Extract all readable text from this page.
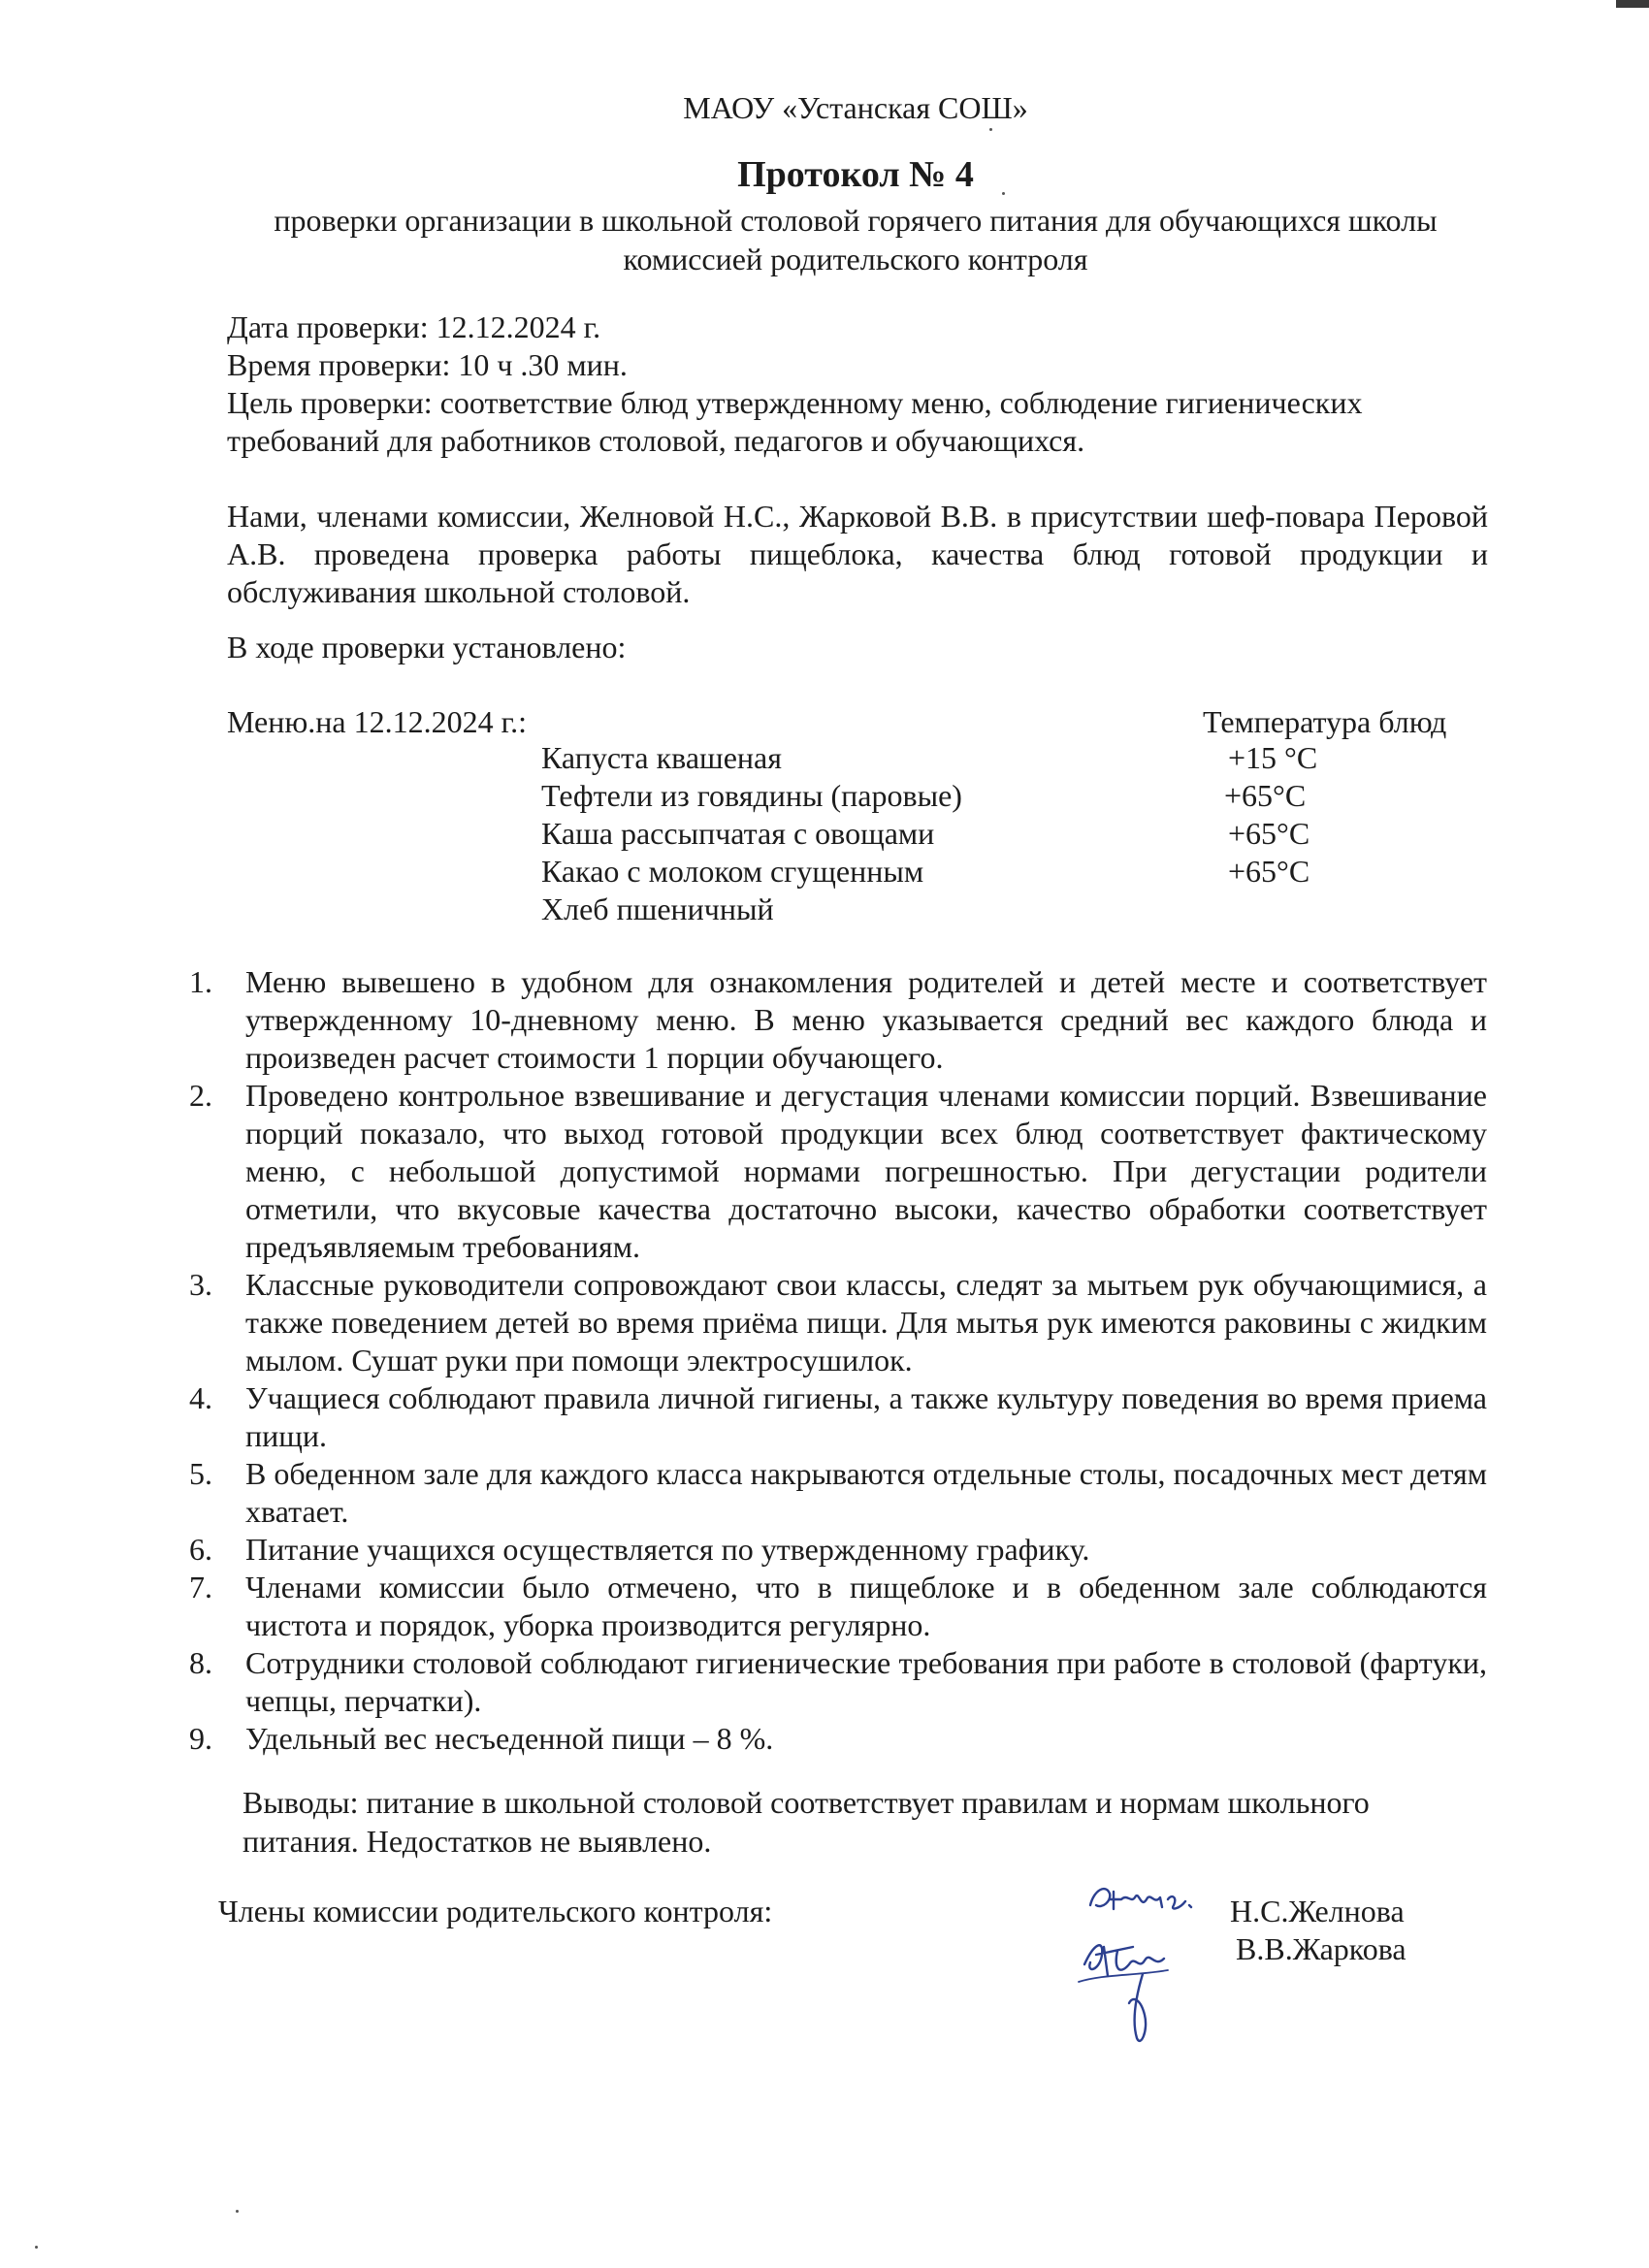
МАОУ «Устанская СОШ»
Протокол № 4
проверки организации в школьной столовой горячего питания для обучающихся школы
комиссией родительского контроля
Дата проверки: 12.12.2024 г.
Время проверки: 10 ч .30 мин.
Цель проверки: соответствие блюд утвержденному меню, соблюдение гигиенических
требований для работников столовой, педагогов и обучающихся.
Нами, членами комиссии, Желновой Н.С., Жарковой В.В. в присутствии шеф-повара Перовой А.В. проведена проверка работы пищеблока, качества блюд готовой продукции и обслуживания школьной столовой.
В ходе проверки установлено:
Меню.на 12.12.2024 г.:	Температура блюд
Капуста квашеная	+15 °С
Тефтели из говядины (паровые)	+65°С
Каша рассыпчатая с овощами	+65°С
Какао с молоком сгущенным	+65°С
Хлеб пшеничный
1. Меню вывешено в удобном для ознакомления родителей и детей месте и соответствует утвержденному 10-дневному меню. В меню указывается средний вес каждого блюда и произведен расчет стоимости 1 порции обучающего.
2. Проведено контрольное взвешивание и дегустация членами комиссии порций. Взвешивание порций показало, что выход готовой продукции всех блюд соответствует фактическому меню, с небольшой допустимой нормами погрешностью. При дегустации родители отметили, что вкусовые качества достаточно высоки, качество обработки соответствует предъявляемым требованиям.
3. Классные руководители сопровождают свои классы, следят за мытьем рук обучающимися, а также поведением детей во время приёма пищи. Для мытья рук имеются раковины с жидким мылом. Сушат руки при помощи электросушилок.
4. Учащиеся соблюдают правила личной гигиены, а также культуру поведения во время приема пищи.
5. В обеденном зале для каждого класса накрываются отдельные столы, посадочных мест детям хватает.
6. Питание учащихся осуществляется по утвержденному графику.
7. Членами комиссии было отмечено, что в пищеблоке и в обеденном зале соблюдаются чистота и порядок, уборка производится регулярно.
8. Сотрудники столовой соблюдают гигиенические требования при работе в столовой (фартуки, чепцы, перчатки).
9. Удельный вес несъеденной пищи – 8 %.
Выводы: питание в школьной столовой соответствует правилам и нормам школьного питания. Недостатков не выявлено.
Члены комиссии родительского контроля:	Н.С.Желнова
В.В.Жаркова
